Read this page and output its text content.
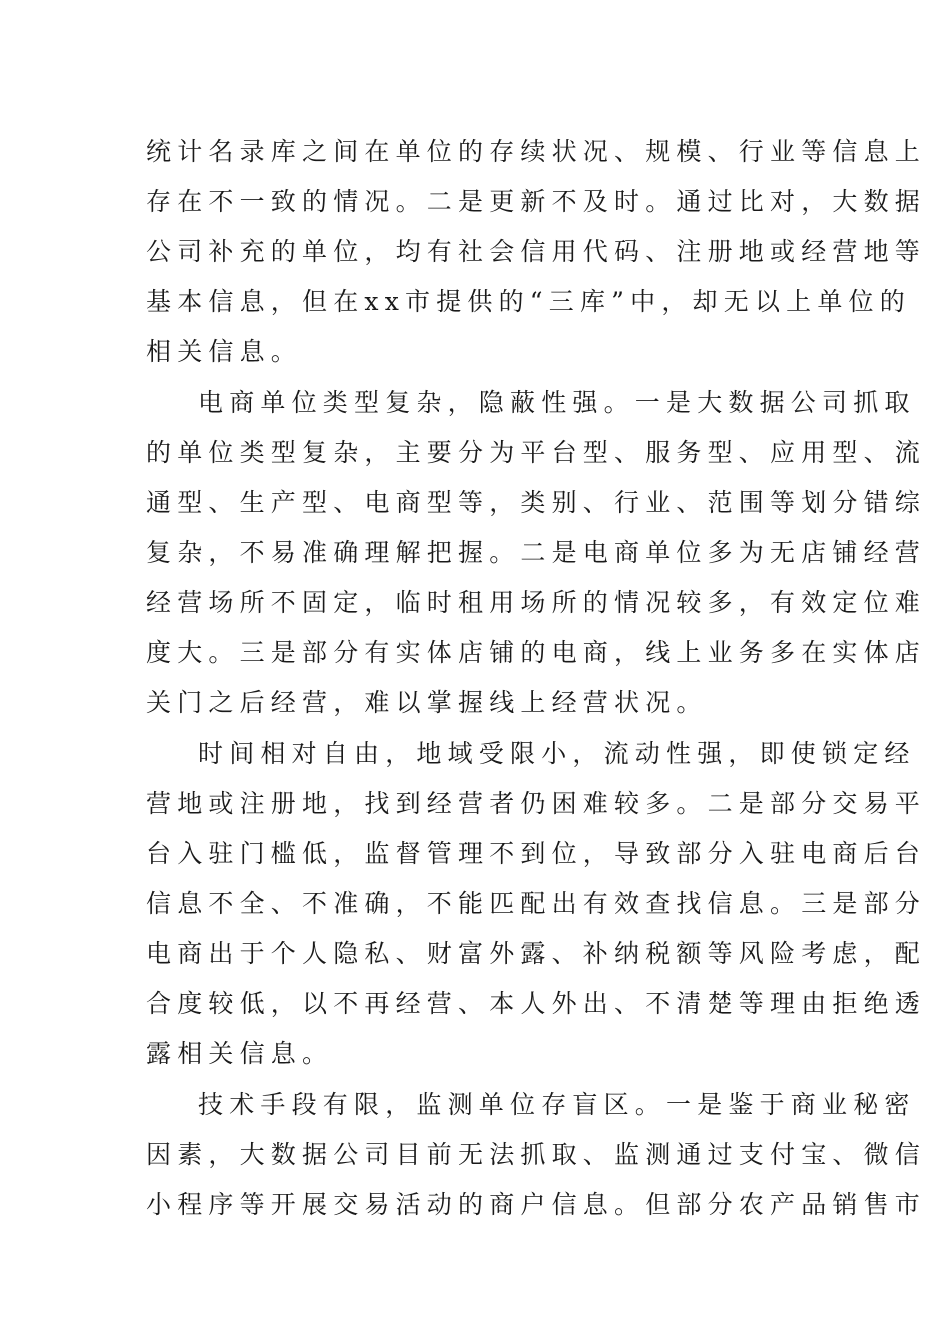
统计名录库之间在单位的存续状况、规模、行业等信息上
存在不一致的情况。二是更新不及时。通过比对，大数据
公司补充的单位，均有社会信用代码、注册地或经营地等
基本信息，但在xx市提供的“三库”中，却无以上单位的
相关信息。
电商单位类型复杂，隐蔽性强。一是大数据公司抓取
的单位类型复杂，主要分为平台型、服务型、应用型、流
通型、生产型、电商型等，类别、行业、范围等划分错综
复杂，不易准确理解把握。二是电商单位多为无店铺经营
经营场所不固定，临时租用场所的情况较多，有效定位难
度大。三是部分有实体店铺的电商，线上业务多在实体店
关门之后经营，难以掌握线上经营状况。
时间相对自由，地域受限小，流动性强，即使锁定经
营地或注册地，找到经营者仍困难较多。二是部分交易平
台入驻门槛低，监督管理不到位，导致部分入驻电商后台
信息不全、不准确，不能匹配出有效查找信息。三是部分
电商出于个人隐私、财富外露、补纳税额等风险考虑，配
合度较低，以不再经营、本人外出、不清楚等理由拒绝透
露相关信息。
技术手段有限，监测单位存盲区。一是鉴于商业秘密
因素，大数据公司目前无法抓取、监测通过支付宝、微信
小程序等开展交易活动的商户信息。但部分农产品销售市
